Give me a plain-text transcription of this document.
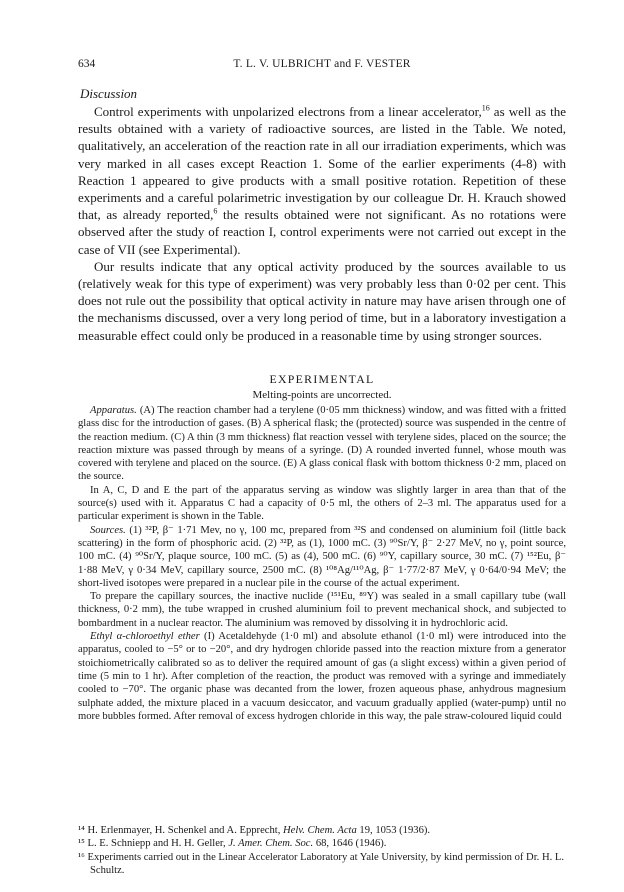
634	T. L. V. ULBRICHT and F. VESTER
Discussion

Control experiments with unpolarized electrons from a linear accelerator,$^{16}$ as well as the results obtained with a variety of radioactive sources, are listed in the Table. We noted, qualitatively, an acceleration of the reaction rate in all our irradiation experiments, which was very marked in all cases except Reaction 1. Some of the earlier experiments (4-8) with Reaction 1 appeared to give products with a small positive rotation. Repetition of these experiments and a careful polarimetric investigation by our colleague Dr. H. Krauch showed that, as already reported,$^6$ the results obtained were not significant. As no rotations were observed after the study of reaction I, control experiments were not carried out except in the case of VII (see Experimental).

Our results indicate that any optical activity produced by the sources available to us (relatively weak for this type of experiment) was very probably less than 0·02 per cent. This does not rule out the possibility that optical activity in nature may have arisen through one of the mechanisms discussed, over a very long period of time, but in a laboratory investigation a measurable effect could only be produced in a reasonable time by using stronger sources.

EXPERIMENTAL
Melting-points are uncorrected.

Apparatus. (A) The reaction chamber had a terylene (0·05 mm thickness) window, and was fitted with a fritted glass disc for the introduction of gases. (B) A spherical flask; the (protected) source was suspended in the centre of the reaction medium. (C) A thin (3 mm thickness) flat reaction vessel with terylene sides, placed on the source; the reaction mixture was passed through by means of a syringe. (D) A rounded inverted funnel, whose mouth was covered with terylene and placed on the source. (E) A glass conical flask with bottom thickness 0·2 mm, placed on the source.

In A, C, D and E the part of the apparatus serving as window was slightly larger in area than that of the source(s) used with it. Apparatus C had a capacity of 0·5 ml, the others of 2–3 ml. The apparatus used for a particular experiment is shown in the Table.

Sources. (1) ³²P, β⁻ 1·71 Mev, no γ, 100 mc, prepared from ³²S and condensed on aluminium foil (little back scattering) in the form of phosphoric acid. (2) ³²P, as (1), 1000 mC. (3) ⁹⁰Sr/Y, β⁻ 2·27 MeV, no γ, point source, 100 mC. (4) ⁹⁰Sr/Y, plaque source, 100 mC. (5) as (4), 500 mC. (6) ⁹⁰Y, capillary source, 30 mC. (7) ¹⁵²Eu, β⁻ 1·88 MeV, γ 0·34 MeV, capillary source, 2500 mC. (8) ¹⁰⁸Ag/¹¹⁰Ag, β⁻ 1·77/2·87 MeV, γ 0·64/0·94 MeV; the short-lived isotopes were prepared in a nuclear pile in the course of the actual experiment.

To prepare the capillary sources, the inactive nuclide (¹⁵¹Eu, ⁸⁹Y) was sealed in a small capillary tube (wall thickness, 0·2 mm), the tube wrapped in crushed aluminium foil to prevent mechanical shock, and subjected to bombardment in a nuclear reactor. The aluminium was removed by dissolving it in hydrochloric acid.

Ethyl α-chloroethyl ether (I) Acetaldehyde (1·0 ml) and absolute ethanol (1·0 ml) were introduced into the apparatus, cooled to −5° or to −20°, and dry hydrogen chloride passed into the reaction mixture from a generator stoichiometrically calibrated so as to deliver the required amount of gas (a slight excess) within a given period of time (5 min to 1 hr). After completion of the reaction, the product was removed with a syringe and immediately cooled to −70°. The organic phase was decanted from the lower, frozen aqueous phase, anhydrous magnesium sulphate added, the mixture placed in a vacuum desiccator, and vacuum gradually applied (water-pump) until no more bubbles formed. After removal of excess hydrogen chloride in this way, the pale straw-coloured liquid could

¹⁴ H. Erlenmayer, H. Schenkel and A. Epprecht, Helv. Chem. Acta 19, 1053 (1936).

¹⁵ L. E. Schniepp and H. H. Geller, J. Amer. Chem. Soc. 68, 1646 (1946).

¹⁶ Experiments carried out in the Linear Accelerator Laboratory at Yale University, by kind permission of Dr. H. L. Schultz.
